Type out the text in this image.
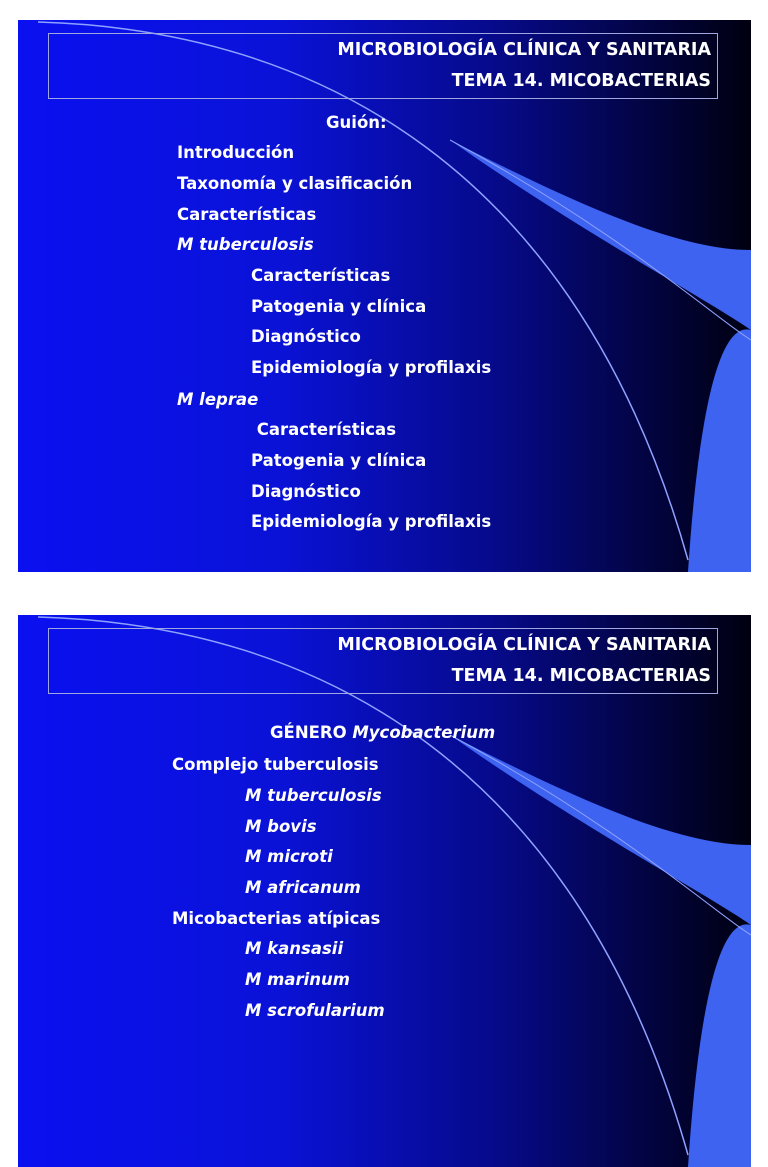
MICROBIOLOGÍA CLÍNICA Y SANITARIA
TEMA 14. MICOBACTERIAS
Guión:
Introducción
Taxonomía y clasificación
Características
M tuberculosis
Características
Patogenia y clínica
Diagnóstico
Epidemiología y profilaxis
M leprae
Características
Patogenia y clínica
Diagnóstico
Epidemiología y profilaxis
MICROBIOLOGÍA CLÍNICA Y SANITARIA
TEMA 14. MICOBACTERIAS
GÉNERO Mycobacterium
Complejo tuberculosis
M tuberculosis
M bovis
M microti
M africanum
Micobacterias atípicas
M kansasii
M marinum
M scrofularium
